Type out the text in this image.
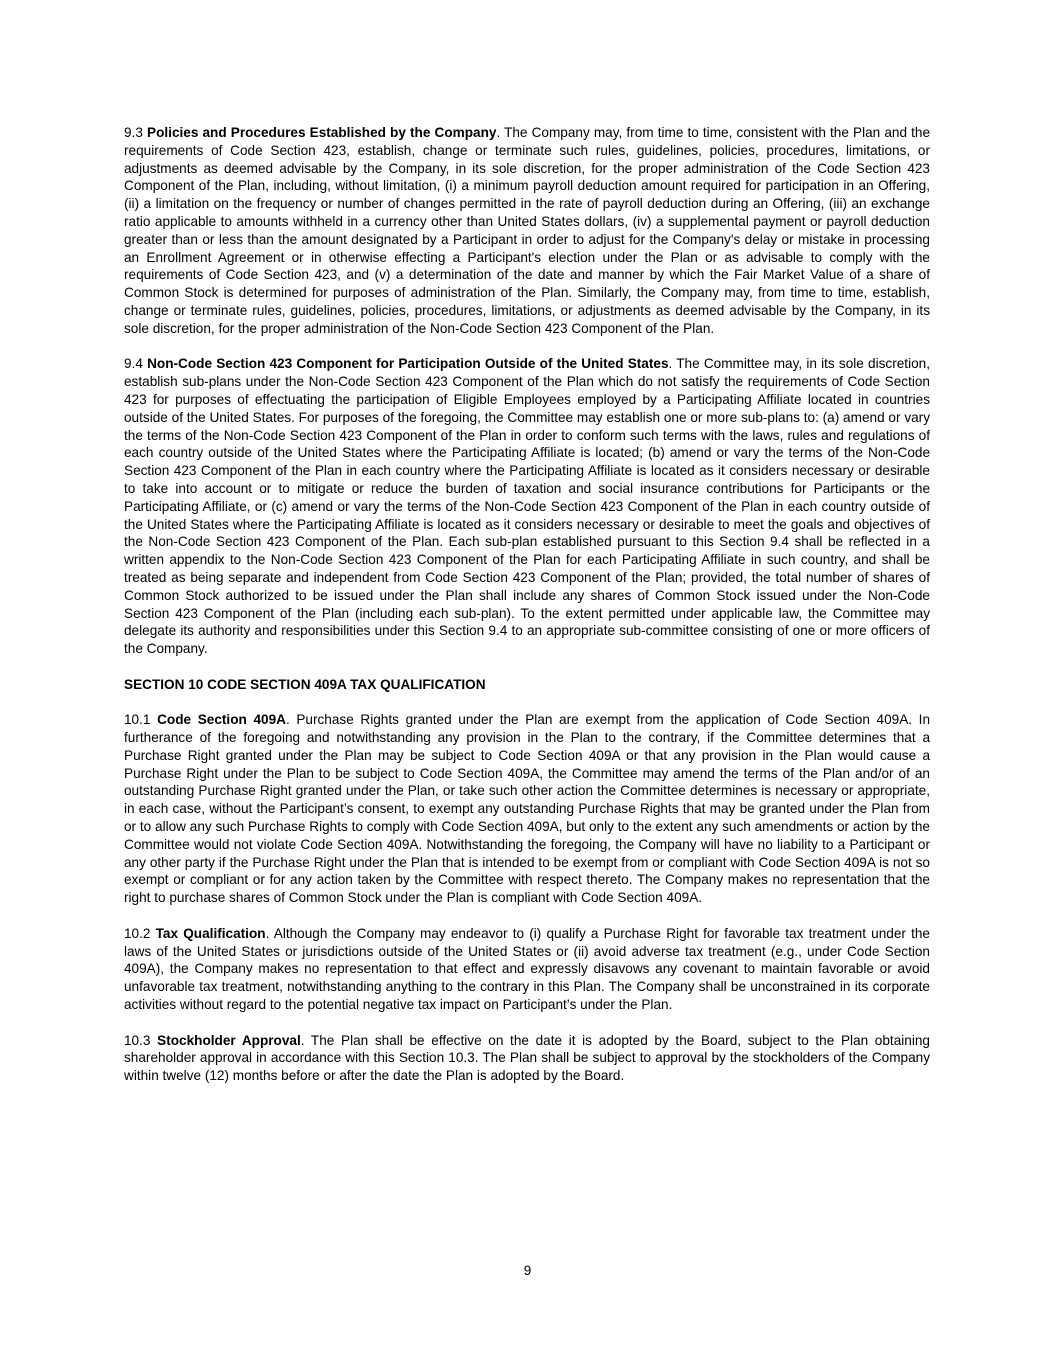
9.3 Policies and Procedures Established by the Company. The Company may, from time to time, consistent with the Plan and the requirements of Code Section 423, establish, change or terminate such rules, guidelines, policies, procedures, limitations, or adjustments as deemed advisable by the Company, in its sole discretion, for the proper administration of the Code Section 423 Component of the Plan, including, without limitation, (i) a minimum payroll deduction amount required for participation in an Offering, (ii) a limitation on the frequency or number of changes permitted in the rate of payroll deduction during an Offering, (iii) an exchange ratio applicable to amounts withheld in a currency other than United States dollars, (iv) a supplemental payment or payroll deduction greater than or less than the amount designated by a Participant in order to adjust for the Company's delay or mistake in processing an Enrollment Agreement or in otherwise effecting a Participant's election under the Plan or as advisable to comply with the requirements of Code Section 423, and (v) a determination of the date and manner by which the Fair Market Value of a share of Common Stock is determined for purposes of administration of the Plan. Similarly, the Company may, from time to time, establish, change or terminate rules, guidelines, policies, procedures, limitations, or adjustments as deemed advisable by the Company, in its sole discretion, for the proper administration of the Non-Code Section 423 Component of the Plan.

9.4 Non-Code Section 423 Component for Participation Outside of the United States. The Committee may, in its sole discretion, establish sub-plans under the Non-Code Section 423 Component of the Plan which do not satisfy the requirements of Code Section 423 for purposes of effectuating the participation of Eligible Employees employed by a Participating Affiliate located in countries outside of the United States. For purposes of the foregoing, the Committee may establish one or more sub-plans to: (a) amend or vary the terms of the Non-Code Section 423 Component of the Plan in order to conform such terms with the laws, rules and regulations of each country outside of the United States where the Participating Affiliate is located; (b) amend or vary the terms of the Non-Code Section 423 Component of the Plan in each country where the Participating Affiliate is located as it considers necessary or desirable to take into account or to mitigate or reduce the burden of taxation and social insurance contributions for Participants or the Participating Affiliate, or (c) amend or vary the terms of the Non-Code Section 423 Component of the Plan in each country outside of the United States where the Participating Affiliate is located as it considers necessary or desirable to meet the goals and objectives of the Non-Code Section 423 Component of the Plan. Each sub-plan established pursuant to this Section 9.4 shall be reflected in a written appendix to the Non-Code Section 423 Component of the Plan for each Participating Affiliate in such country, and shall be treated as being separate and independent from Code Section 423 Component of the Plan; provided, the total number of shares of Common Stock authorized to be issued under the Plan shall include any shares of Common Stock issued under the Non-Code Section 423 Component of the Plan (including each sub-plan). To the extent permitted under applicable law, the Committee may delegate its authority and responsibilities under this Section 9.4 to an appropriate sub-committee consisting of one or more officers of the Company.

SECTION 10 CODE SECTION 409A TAX QUALIFICATION

10.1 Code Section 409A. Purchase Rights granted under the Plan are exempt from the application of Code Section 409A. In furtherance of the foregoing and notwithstanding any provision in the Plan to the contrary, if the Committee determines that a Purchase Right granted under the Plan may be subject to Code Section 409A or that any provision in the Plan would cause a Purchase Right under the Plan to be subject to Code Section 409A, the Committee may amend the terms of the Plan and/or of an outstanding Purchase Right granted under the Plan, or take such other action the Committee determines is necessary or appropriate, in each case, without the Participant’s consent, to exempt any outstanding Purchase Rights that may be granted under the Plan from or to allow any such Purchase Rights to comply with Code Section 409A, but only to the extent any such amendments or action by the Committee would not violate Code Section 409A. Notwithstanding the foregoing, the Company will have no liability to a Participant or any other party if the Purchase Right under the Plan that is intended to be exempt from or compliant with Code Section 409A is not so exempt or compliant or for any action taken by the Committee with respect thereto. The Company makes no representation that the right to purchase shares of Common Stock under the Plan is compliant with Code Section 409A.

10.2 Tax Qualification. Although the Company may endeavor to (i) qualify a Purchase Right for favorable tax treatment under the laws of the United States or jurisdictions outside of the United States or (ii) avoid adverse tax treatment (e.g., under Code Section 409A), the Company makes no representation to that effect and expressly disavows any covenant to maintain favorable or avoid unfavorable tax treatment, notwithstanding anything to the contrary in this Plan. The Company shall be unconstrained in its corporate activities without regard to the potential negative tax impact on Participant’s under the Plan.

10.3 Stockholder Approval. The Plan shall be effective on the date it is adopted by the Board, subject to the Plan obtaining shareholder approval in accordance with this Section 10.3. The Plan shall be subject to approval by the stockholders of the Company within twelve (12) months before or after the date the Plan is adopted by the Board.

9
